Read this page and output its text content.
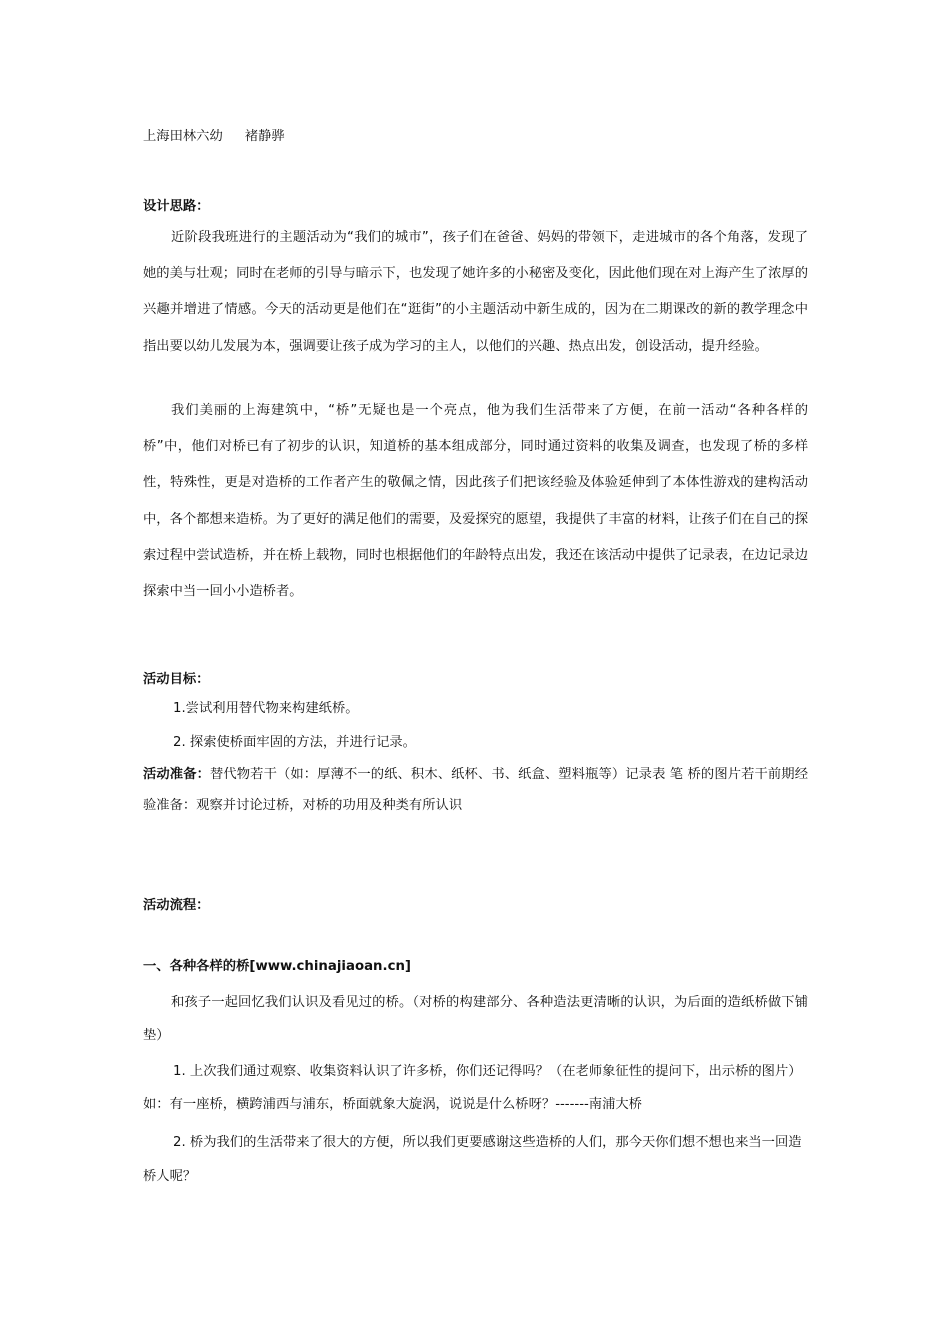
上海田林六幼 褚静骅
设计思路：
近阶段我班进行的主题活动为“我们的城市”，孩子们在爸爸、妈妈的带领下，走进城市的各个角落，发现了她的美与壮观；同时在老师的引导与暗示下，也发现了她许多的小秘密及变化，因此他们现在对上海产生了浓厚的兴趣并增进了情感。今天的活动更是他们在“逛街”的小主题活动中新生成的，因为在二期课改的新的教学理念中指出要以幼儿发展为本，强调要让孩子成为学习的主人，以他们的兴趣、热点出发，创设活动，提升经验。
我们美丽的上海建筑中，“桥”无疑也是一个亮点，他为我们生活带来了方便，在前一活动“各种各样的桥”中，他们对桥已有了初步的认识，知道桥的基本组成部分，同时通过资料的收集及调查，也发现了桥的多样性，特殊性，更是对造桥的工作者产生的敬佩之情，因此孩子们把该经验及体验延伸到了本体性游戏的建构活动中，各个都想来造桥。为了更好的满足他们的需要，及爱探究的愿望，我提供了丰富的材料，让孩子们在自己的探索过程中尝试造桥，并在桥上载物，同时也根据他们的年龄特点出发，我还在该活动中提供了记录表，在边记录边探索中当一回小小造桥者。
活动目标：
1.尝试利用替代物来构建纸桥。
2. 探索使桥面牢固的方法，并进行记录。
活动准备：替代物若干（如：厚薄不一的纸、积木、纸杯、书、纸盒、塑料瓶等）记录表 笔 桥的图片若干前期经验准备：观察并讨论过桥，对桥的功用及种类有所认识
活动流程：
一、各种各样的桥[www.chinajiaoan.cn]
和孩子一起回忆我们认识及看见过的桥。（对桥的构建部分、各种造法更清晰的认识，为后面的造纸桥做下铺垫）
1. 上次我们通过观察、收集资料认识了许多桥，你们还记得吗？（在老师象征性的提问下，出示桥的图片）如：有一座桥，横跨浦西与浦东，桥面就象大旋涡，说说是什么桥呀？-------南浦大桥
2. 桥为我们的生活带来了很大的方便，所以我们更要感谢这些造桥的人们，那今天你们想不想也来当一回造桥人呢？
